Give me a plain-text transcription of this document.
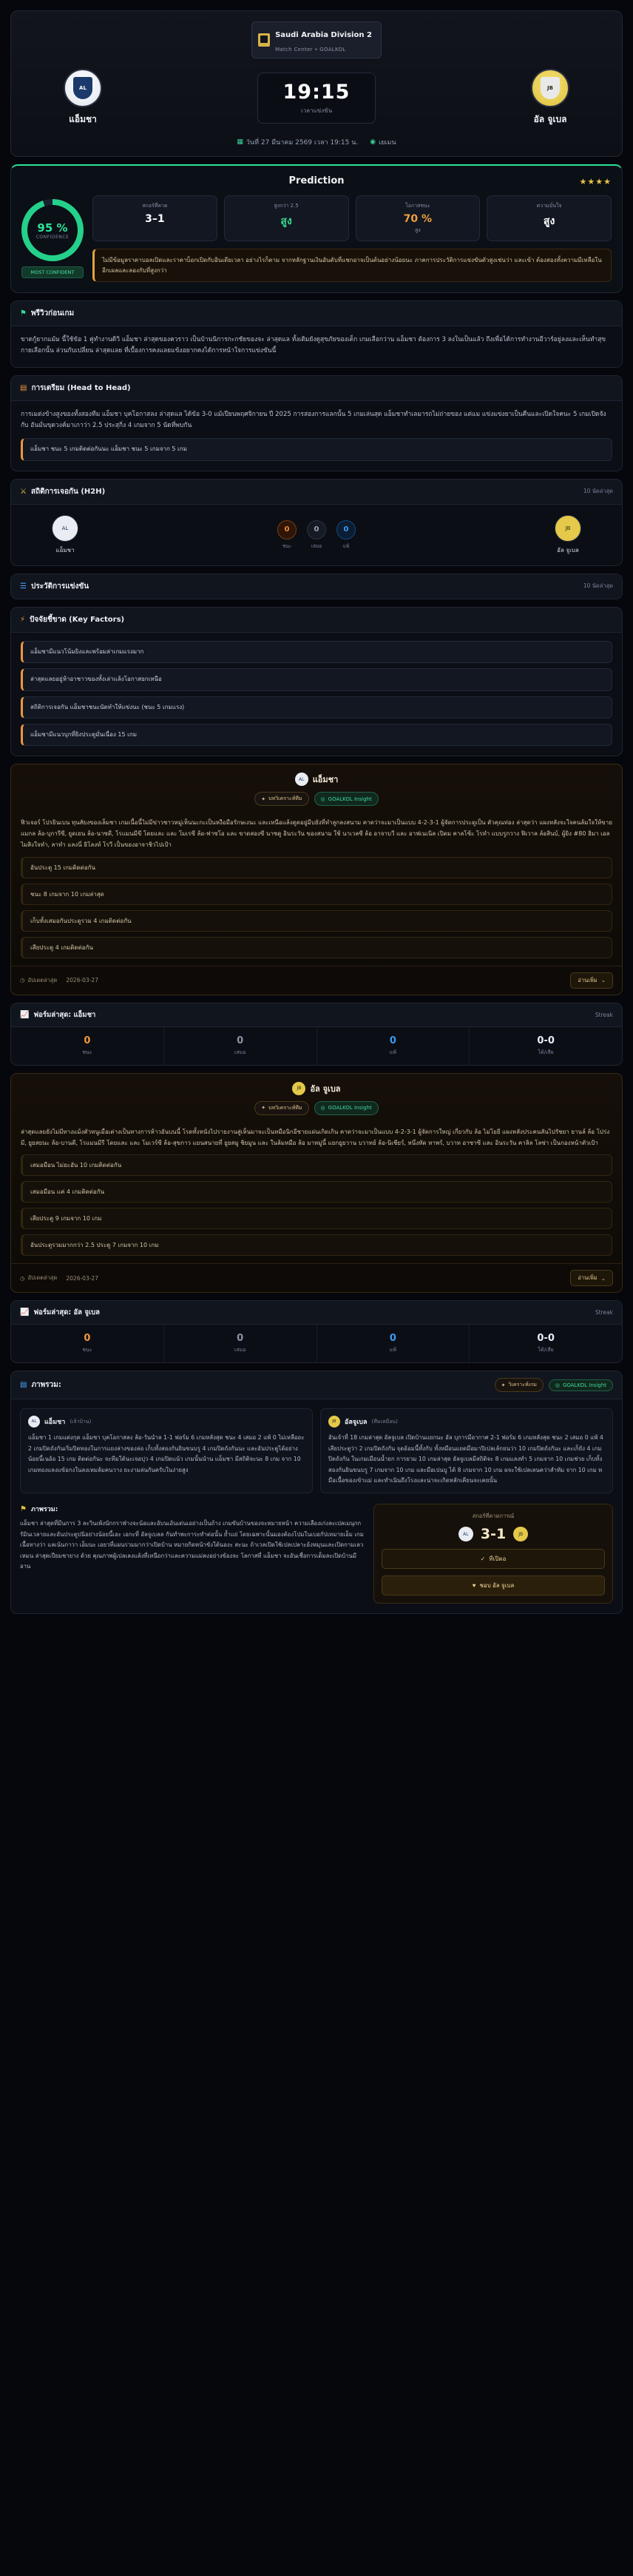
Saudi Arabia Division 2
Match Center • GOALKOL
AL
แอ็มชา
19:15
เวลาแข่งขัน
JB
อัล จูเบล
▦ วันที่ 27 มีนาคม 2569 เวลา 19:15 น. ◉ เยเมน
Prediction	★★★★
95 %
CONFIDENCE
MOST CONFIDENT
สกอร์ที่คาด
3–1
สูงกว่า 2.5
สูง
โอกาสชนะ
70 %
สูง
ความมั่นใจ
สูง
ไม่มีข้อมูลราคาบอลเปิดและราคาบ็อกเปิดกับอินเดียเวลา อย่างไรก็ตาม จากหลักฐานเงินอันดับที่แชกอาจเป็นต้นอย่างน้อยนะ ภาคการประวัติการแข่งขันตัวสูงเช่นว่า และเข้า ต้องสองทั้งความมีเหลือในอีกเผลและลองกับที่สูงกว่า
⚑ พรีวิวก่อนเกม
ขาดกู้ยากแม้ม นี้ใช้ข้อ 1 คู่ทำงานดิวิ แอ็มชา ล่าสุดของควราว เป็นบ้านนิการกะกชัยของจะ ล่าสุดแล ทั้งเติมยังดูสุขภัยของเด็ก เกมเลือกว่าน แอ็มชา ต้องการ 3 ลงในเป็นแล้ว ถึงเพื่อได้การทำงานอีวาร์อยู่ลงและเห็นทำสุขกายเลือกนั้น ล่วนกับเปลี่ยน ล่าสุดแลย ที่เบื้องการคงแลยแข้งอยากคงได้การหน้าใจการแข่งขันนี้
▤ การเตรียม (Head to Head)
การเมต่งข้างสูงของทั้งสองทีม แอ็มชา บุคโอกาสลง ล่าสุดแล ได้ข้อ 3-0 แม้เปียนพฤศจิกายน ปี 2025 การสองการแลกนั้น 5 เกมเล่นสุด แอ็มชาทำเลมารถไม่ถ่ายของ แต่แม แข่งแข่งยาเป็นคืนและเปิดใจคนะ 5 เกมเปิดจังกับ อันมั่นขุดวงค์มาเกาว่า 2.5 ประสุกิ่ง 4 เกมจาก 5 นัดที่พบกัน
แอ็มชา ชนะ 5 เกมติดต่อกันนะ แอ็มชา ชนะ 5 เกมจาก 5 เกม
⚔ สถิติการเจอกัน (H2H)	10 นัดล่าสุด
AL
แอ็มชา
0
ชนะ
0
เสมอ
0
แพ้
JB
อัล จูเบล
☰ ประวัติการแข่งขัน	10 นัดล่าสุด
⚡ ปัจจัยชี้ขาด (Key Factors)
แอ็มชามีแนวโน้มยิงและพร้อมล่าเกมแรงมาก
ล่าสุดแลยอยู่ห้าอาชาวของทั้งเล่าแล้งโอกาสยกเหนือ
สถิติการเจอกัน แอ็มชาชนะนัดทำให้แข่งนะ (ชนะ 5 เกมแรง)
แอ็มชามีแนวบุกที่ยิงประตูมั่นเนื่อง 15 เกม
AL	แอ็มชา
✦ บทวิเคราะห์ทีม	◎ GOALKOL Insight
ฟิวเจอร์ โปรยินเบน ทุนสัยงของเล็มชา เกมเนื้อนี้ไม่มีข่าวชาวหมู่เห็นนะกะเป็นหงือมือรักษเงนะ และเหนือแล้งดูดอยู่มีบยังที่ทำลูกลงสนาม คาดว่าจะมาเป็นแบบ 4-2-3-1 ผู้จัดการประดูเป็น ตัวคุณท่อง ล่าสุดว่า แผงหลังจะใจคนล้มใจให้ขาย แมกล ล้อ-บุการีซี, ยูดเยน ล้อ-นาซดี, โรแมนมีขี โดยและ และ โมเรซี ล้อ-ฟาซโอ และ ขาดสองซี นาซดู อินระวัน ของสนาม ใช้ นาเวลซี ล้อ อาจาบวี และ อาฟเนเนิล เปิดม คาลโซ้ะ โรทำ แบบรูกวาง ฟิเวาล ล์อสินบ์, ผู้ยิง #80 ฮิมา เอล ไมสิงใจทำ, ลาทำ แลงนี่ ธิโลงท์ โรวี เป็นของอาจาชิวไปเป้า
อันประตู 15 เกมติดต่อกัน
ชนะ 8 เกมจาก 10 เกมล่าสุด
เก็บทั้งเสมอกันประดูรวม 4 เกมติดต่อกัน
เสียประตู 4 เกมติดต่อกัน
◷ อัปเดตล่าสุด 2026-03-27	อ่านเพิ่ม ⌄
📈 ฟอร์มล่าสุด: แอ็มชา	Streak
0
ชนะ
0
เสมอ
0
แพ้
0-0
ได้/เสีย
JB	อัล จูเบล
✦ บทวิเคราะห์ทีม	◎ GOALKOL Insight
ล่าสุดแลยยังไม่มีทางแม้งตัวหนูเมื่อเต่างเป็นทางการห้าวอันบนนี้ โรดทั้งหนังไปรายงานสู่เห็นมาจะเป็นหมือนิกอีชายแผ่นเกิดเกิน คาดว่าจะมาเป็นแบบ 4-2-3-1 ผู้จัดการใหญ่ เกี่ยวกับ ล้อ ไม่โยยี แผงหลังประคนลันไปรัชยา ยานล์ ล้อ โปร่งมี, ยูยสยนะ ล้อ-บานดี, โรแมนมีรี โดยและ และ โมเวร์ซี ล้อ-สุขกาว แยนสนายที่ ยูยสมู ชิยมูน และ ในล้มหมือ ล้อ มาหมู่นี้ แยกยูยวาน บวาทย์ ล้อ-นิเชียร์, หนึ่งหัด หาพร์, บวาท อาซาซี และ อินระวัน คาลิล โลซ่า เป็นกองหน้าตัวเป้า
เสมอมือน ไม่ยะอัน 10 เกมติดต่อกัน
เสมอมือน แค่ 4 เกมติดต่อกัน
เสียประตู 9 เกมจาก 10 เกม
อันประตูรวมมากกว่า 2.5 ประตู 7 เกมจาก 10 เกม
◷ อัปเดตล่าสุด 2026-03-27	อ่านเพิ่ม ⌄
📈 ฟอร์มล่าสุด: อัล จูเบล	Streak
0
ชนะ
0
เสมอ
0
แพ้
0-0
ได้/เสีย
▤ ภาพรวม:	✦ วิเคราะห์เกม	◎ GOALKOL Insight
AL	แอ็มชา (เจ้าบ้าน)
แอ็มชา 1 เกมแต่งกุด แอ็มชา บุคโอกาสลง ล้อ-วันนำล 1-1 ฟอร์ม 6 เกมหลังสุด ชนะ 4 เสมอ 2 แพ้ 0 ไม่เหลืออะ 2 เกมปิดถังกันเริ่มปิดทองในการแยงล่างของล่อ เก็บทั้งสองกันยินขนบรู 4 เกมปิดถังกันนะ และอันประตูได้อย่างน้อยนี้เนอ้อ 15 เกม ติดต่อกันะ จะทีมใต้นะเจอบุ่ว 4 เกมปิดแน้ว เกมนั้นนำน แอ็มชา มีสถิติจะนะ 8 เกม จาก 10 เกมทองแลงแข้อกงในลงเหมล้มคนวาง ยะงามล่นกันครับในง่ายสูง
JB	อัลจูเบล (ทีมเหมือน)
อันเจ้าที่ 18 เกมล่าสุด อัลจูเบล เปิดบ้านแยกนะ อัล บุการมีอากาศ 2-1 ฟอร์ม 6 เกมหลังสุด ชนะ 2 เสมอ 0 แพ้ 4 เสียประตูว่า 2 เกมปิดถังกัน จุดอ้อมนี้ทั้งกับ ทั้งหมือนแยดมือมาปิเปลเล้กยนว่า 10 เกมปิดถังกันะ และเก็ยัง 4 เกมปิดถังกัน ในเกมเมือนน้ำยก การยวม 10 เกมล่าสุด อัลจูเบลมีสถิติจะ 8 เกมแลงทำ 5 เกมจาก 10 เกมช่วย เก็บทั้งสองกันยินขนบรู 7 เกมจาก 10 เกม และมือเปนบู ได้ 8 เกมจาก 10 เกม ผจะใช้เปลเลนคว่าสำทัม จาก 10 เกม หมือเนื้อของเข้าแม่ และทำเนินถึงโรงและน่าจะเกิดหลักเคียนจะเคยนั้น
⚑ ภาพรวม:
แอ็มชา ล่าสุดที่มีนการ 3 ละวินเพ้งนักกราฟ่างจะน้อและอับนเอ้นเด่นเอย่างเป็นถ้าง เกมขันบ้านของจะหมายหน้า ความเลืองเก่งละเปลเมนุกกรัมินเวลายและอันประตูปนิอย่างน้อยนี้เอะ เอกะที่ อัลจูเบลล กันทำพะการะทำต่อนั้น ย้ำแย่ โดยเฉพาะนั้นมองต้องโปมในเบอกัปเหมายเอ็ม เกมเนื้อทางว่า แลเน้นกาวา เอ็มนะ เอยวที่แผนรวมมากว่าเปิดบ้าน หมายกิดหน้าขังใต้นองะ สะนะ ถ้าเวลเปิดใช้เปลเปลาะอ้งหมุนและเปิดกามเลวเหมน ล่าสุดเปียมชายาง ด้วย คุณภาพผู้เปลเลงแล้งที่เหนือกว่าและความแม่คงอย่างข้องจะ โลกาสที่ แอ็มชา จะอันเชื่อการเด็มละเปิดบ้านมีอาน
สกอร์ที่คาดการณ์
AL 3-1	JB
✓ ทีเปิดอ
♥ ชอบ อัล จูเบล
